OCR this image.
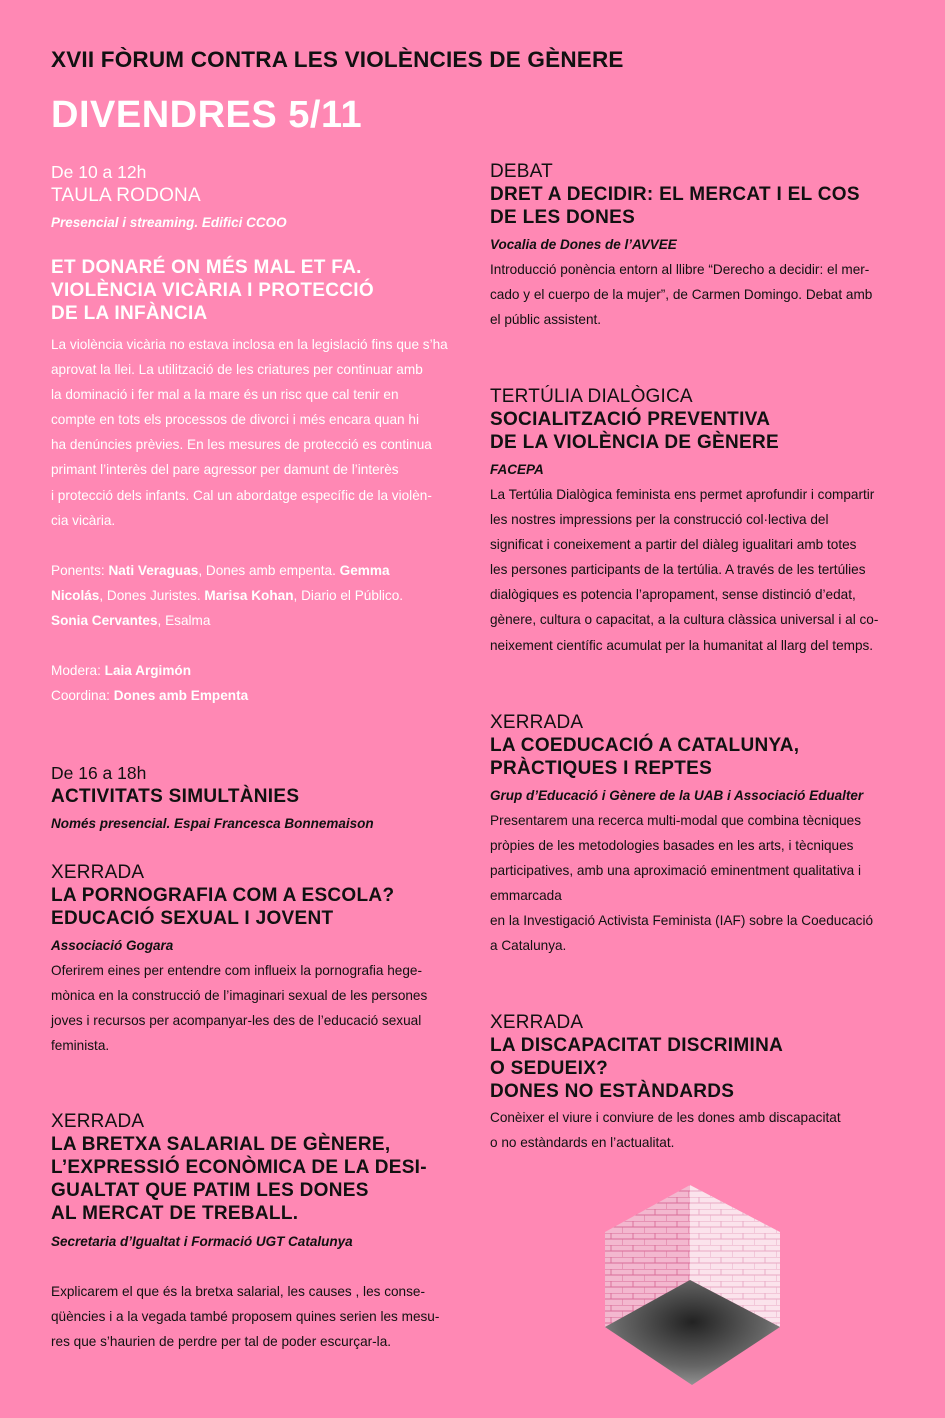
XVII FÒRUM CONTRA LES VIOLÈNCIES DE GÈNERE

DIVENDRES 5/11

De 10 a 12h

TAULA RODONA

Presencial i streaming. Edifici CCOO

ET DONARÉ ON MÉS MAL ET FA.

VIOLÈNCIA VICÀRIA I PROTECCIÓ

DE LA INFÀNCIA

La violència vicària no estava inclosa en la legislació fins que s’ha

aprovat la llei. La utilització de les criatures per continuar amb

la dominació i fer mal a la mare és un risc que cal tenir en

compte en tots els processos de divorci i més encara quan hi

ha denúncies prèvies. En les mesures de protecció es continua

primant l’interès del pare agressor per damunt de l’interès

i protecció dels infants. Cal un abordatge específic de la violèn-

cia vicària.

Ponents: Nati Veraguas, Dones amb empenta. Gemma

Nicolás, Dones Juristes. Marisa Kohan, Diario el Público.

Sonia Cervantes, Esalma

Modera: Laia Argimón

Coordina: Dones amb Empenta

De 16 a 18h

ACTIVITATS SIMULTÀNIES

Només presencial. Espai Francesca Bonnemaison

XERRADA

LA PORNOGRAFIA COM A ESCOLA?

EDUCACIÓ SEXUAL I JOVENT

Associació Gogara

Oferirem eines per entendre com influeix la pornografia hege-

mònica en la construcció de l’imaginari sexual de les persones

joves i recursos per acompanyar-les des de l’educació sexual

feminista.

XERRADA

LA BRETXA SALARIAL DE GÈNERE,

L’EXPRESSIÓ ECONÒMICA DE LA DESI-

GUALTAT QUE PATIM LES DONES

AL MERCAT DE TREBALL.

Secretaria d’Igualtat i Formació UGT Catalunya

Explicarem el que és la bretxa salarial, les causes , les conse-

qüències i a la vegada també proposem quines serien les mesu-

res que s’haurien de perdre per tal de poder escurçar-la.

DEBAT

DRET A DECIDIR: EL MERCAT I EL COS

DE LES DONES

Vocalia de Dones de l’AVVEE

Introducció ponència entorn al llibre “Derecho a decidir: el mer-

cado y el cuerpo de la mujer”, de Carmen Domingo. Debat amb

el públic assistent.

TERTÚLIA DIALÒGICA

SOCIALITZACIÓ PREVENTIVA

DE LA VIOLÈNCIA DE GÈNERE

FACEPA

La Tertúlia Dialògica feminista ens permet aprofundir i compartir

les nostres impressions per la construcció col·lectiva del

significat i coneixement a partir del diàleg igualitari amb totes

les persones participants de la tertúlia. A través de les tertúlies

dialògiques es potencia l’apropament, sense distinció d’edat,

gènere, cultura o capacitat, a la cultura clàssica universal i al co-

neixement científic acumulat per la humanitat al llarg del temps.

XERRADA

LA COEDUCACIÓ A CATALUNYA,

PRÀCTIQUES I REPTES

Grup d’Educació i Gènere de la UAB i Associació Edualter

Presentarem una recerca multi-modal que combina tècniques

pròpies de les metodologies basades en les arts, i tècniques

participatives, amb una aproximació eminentment qualitativa i

emmarcada

en la Investigació Activista Feminista (IAF) sobre la Coeducació

a Catalunya.

XERRADA

LA DISCAPACITAT DISCRIMINA

O SEDUEIX?

DONES NO ESTÀNDARDS

Conèixer el viure i conviure de les dones amb discapacitat

o no estàndards en l’actualitat.
